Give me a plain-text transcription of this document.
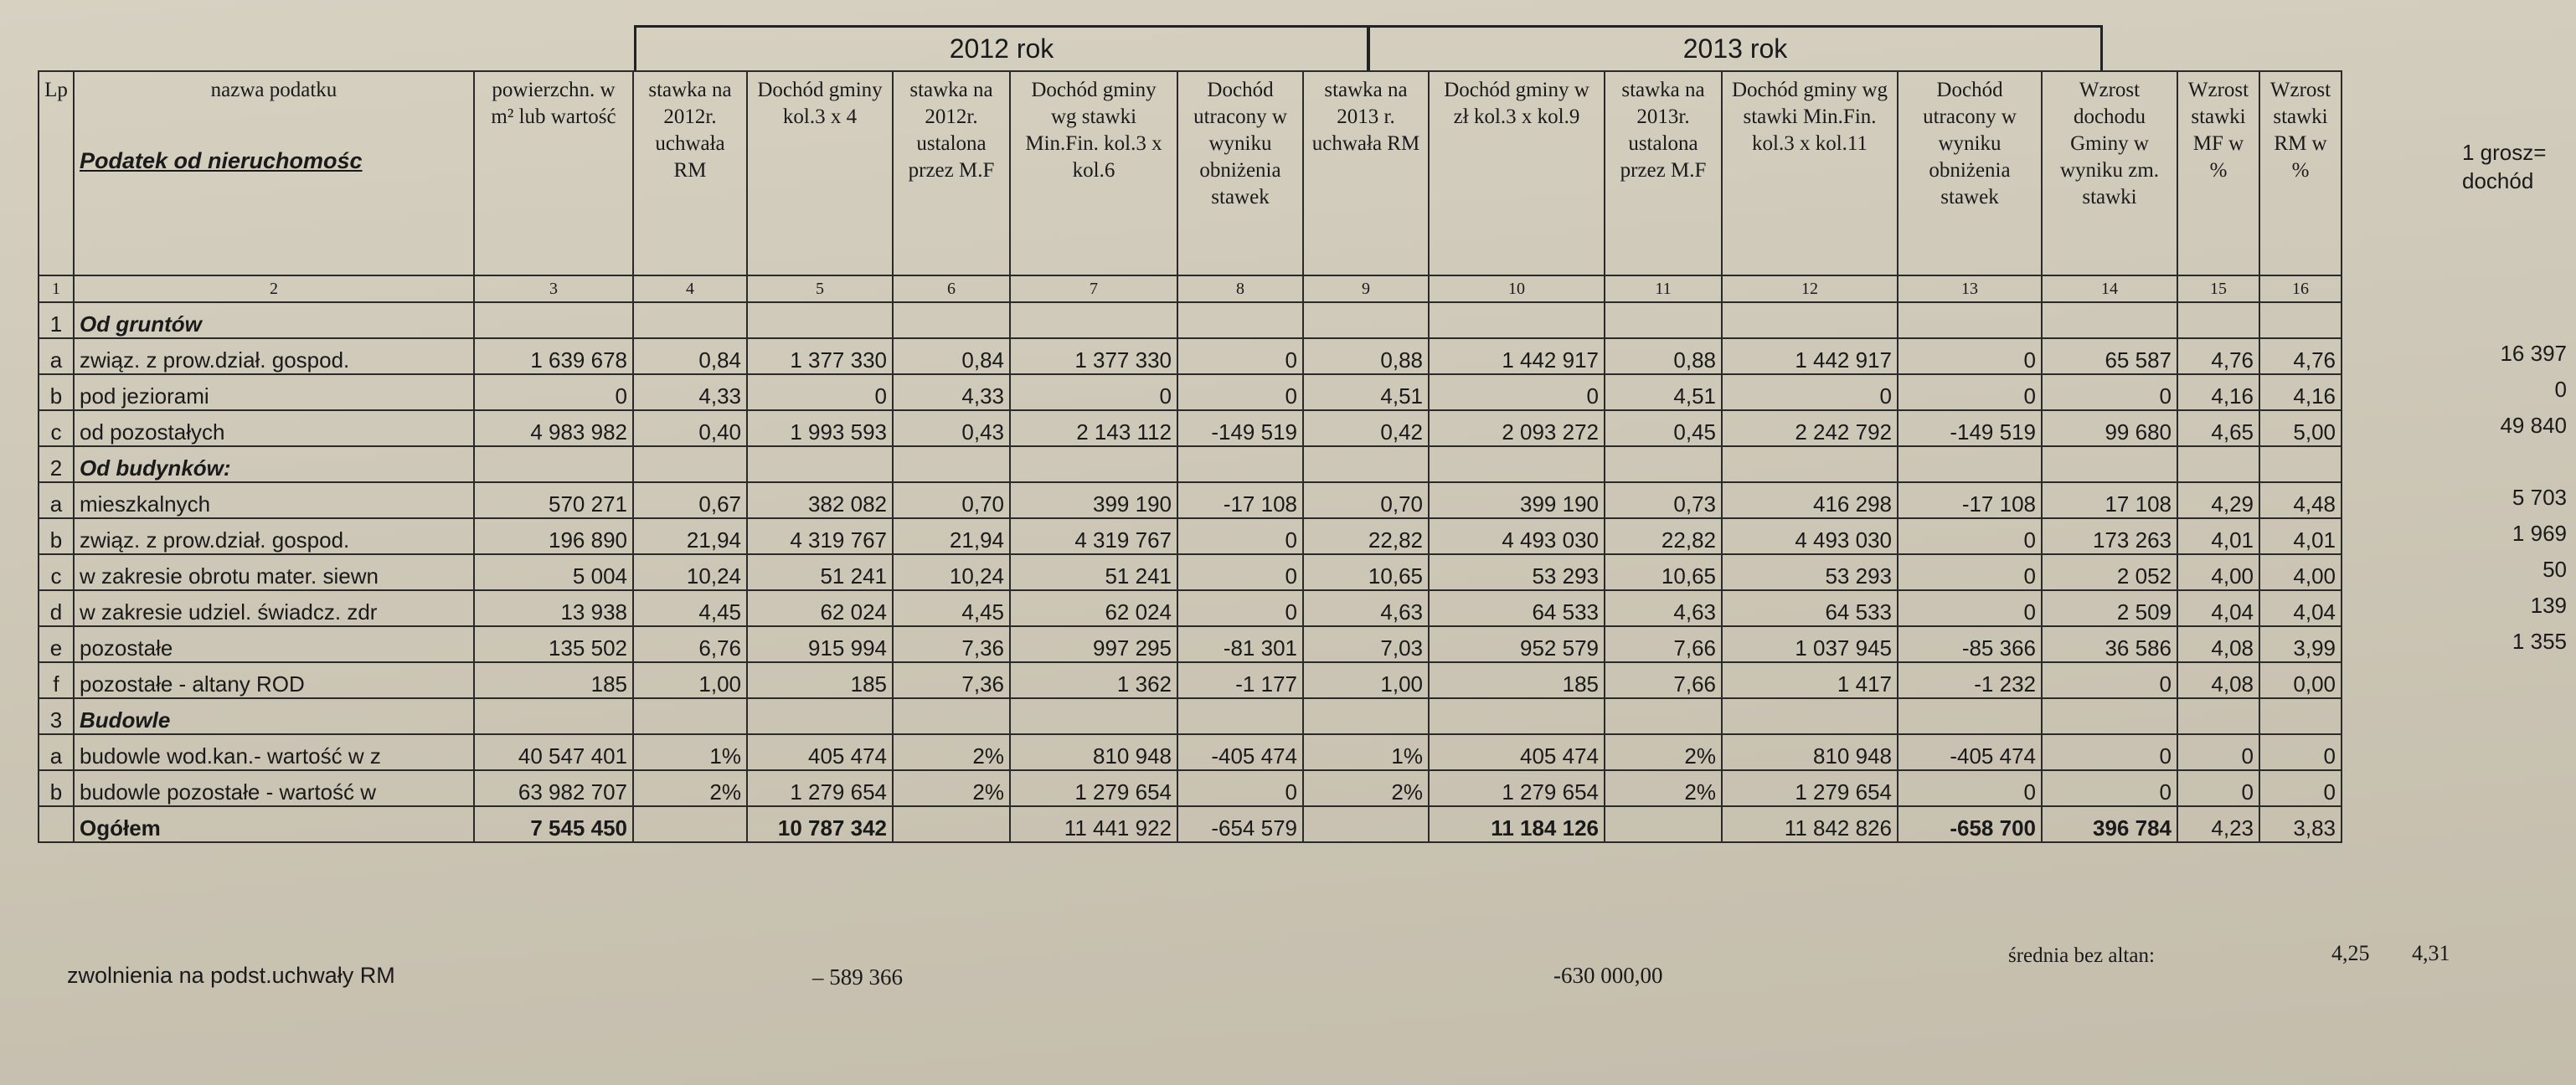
2012 rok	2013 rok
Lp	nazwa podatku
Podatek od nieruchomośc	powierzchn. w m² lub wartość	stawka na 2012r. uchwała RM	Dochód gminy kol.3 x 4	stawka na 2012r. ustalona przez M.F	Dochód gminy wg stawki Min.Fin. kol.3 x kol.6	Dochód utracony w wyniku obniżenia stawek	stawka na 2013 r. uchwała RM	Dochód gminy w zł kol.3 x kol.9	stawka na 2013r. ustalona przez M.F	Dochód gminy wg stawki Min.Fin. kol.3 x kol.11	Dochód utracony w wyniku obniżenia stawek	Wzrost dochodu Gminy w wyniku zm. stawki	Wzrost stawki MF w %	Wzrost stawki RM w %
1	2	3	4	5	6	7	8	9	10	11	12	13	14	15	16
1	Od gruntów														
a	związ. z prow.dział. gospod.	1 639 678	0,84	1 377 330	0,84	1 377 330	0	0,88	1 442 917	0,88	1 442 917	0	65 587	4,76	4,76
b	pod jeziorami	0	4,33	0	4,33	0	0	4,51	0	4,51	0	0	0	4,16	4,16
c	od pozostałych	4 983 982	0,40	1 993 593	0,43	2 143 112	-149 519	0,42	2 093 272	0,45	2 242 792	-149 519	99 680	4,65	5,00
2	Od budynków:														
a	mieszkalnych	570 271	0,67	382 082	0,70	399 190	-17 108	0,70	399 190	0,73	416 298	-17 108	17 108	4,29	4,48
b	związ. z prow.dział. gospod.	196 890	21,94	4 319 767	21,94	4 319 767	0	22,82	4 493 030	22,82	4 493 030	0	173 263	4,01	4,01
c	w zakresie obrotu mater. siewn	5 004	10,24	51 241	10,24	51 241	0	10,65	53 293	10,65	53 293	0	2 052	4,00	4,00
d	w zakresie udziel. świadcz. zdr	13 938	4,45	62 024	4,45	62 024	0	4,63	64 533	4,63	64 533	0	2 509	4,04	4,04
e	pozostałe	135 502	6,76	915 994	7,36	997 295	-81 301	7,03	952 579	7,66	1 037 945	-85 366	36 586	4,08	3,99
f	pozostałe - altany ROD	185	1,00	185	7,36	1 362	-1 177	1,00	185	7,66	1 417	-1 232	0	4,08	0,00
3	Budowle														
a	budowle wod.kan.- wartość w z	40 547 401	1%	405 474	2%	810 948	-405 474	1%	405 474	2%	810 948	-405 474	0	0	0
b	budowle pozostałe - wartość w	63 982 707	2%	1 279 654	2%	1 279 654	0	2%	1 279 654	2%	1 279 654	0	0	0	0
	Ogółem	7 545 450		10 787 342		11 441 922	-654 579		11 184 126		11 842 826	-658 700	396 784	4,23	3,83
1 grosz= dochód
16 397
0
49 840
5 703
1 969
50
139
1 355
zwolnienia na podst.uchwały RM	– 589 366	-630 000,00
średnia bez altan:	4,25 4,31
